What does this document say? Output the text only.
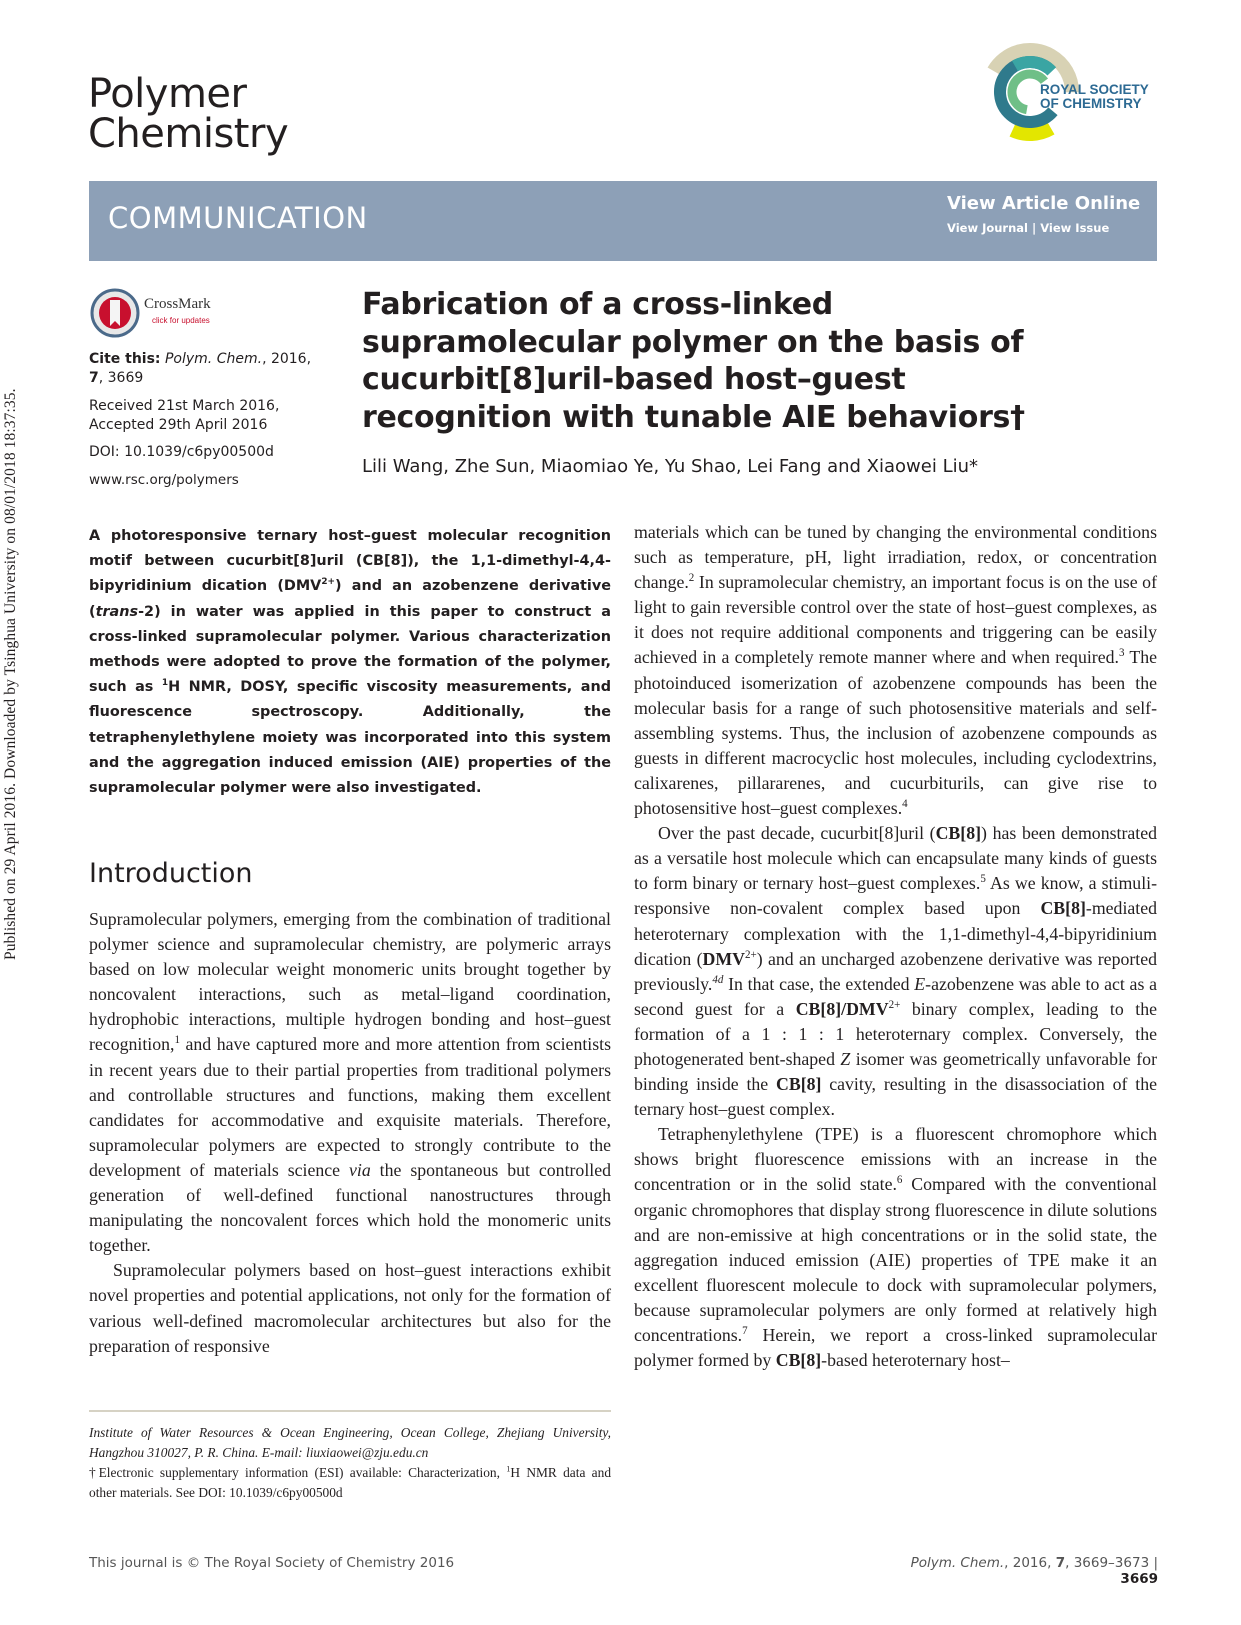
Published on 29 April 2016. Downloaded by Tsinghua University on 08/01/2018 18:37:35.
Polymer
Chemistry
ROYAL SOCIETY
OF CHEMISTRY
COMMUNICATION	View Article Online
View Journal | View Issue
CrossMark
click for updates
Cite this: Polym. Chem., 2016, 7, 3669
Received 21st March 2016,
Accepted 29th April 2016
DOI: 10.1039/c6py00500d
www.rsc.org/polymers
Fabrication of a cross-linked supramolecular polymer on the basis of cucurbit[8]uril-based host–guest recognition with tunable AIE behaviors†
Lili Wang, Zhe Sun, Miaomiao Ye, Yu Shao, Lei Fang and Xiaowei Liu*
A photoresponsive ternary host–guest molecular recognition motif between cucurbit[8]uril (CB[8]), the 1,1-dimethyl-4,4-bipyridinium dication $(DMV^{2+})$ and an azobenzene derivative (trans-2) in water was applied in this paper to construct a cross-linked supramolecular polymer. Various characterization methods were adopted to prove the formation of the polymer, such as $^1$H NMR, DOSY, specific viscosity measurements, and fluorescence spectroscopy. Additionally, the tetraphenylethylene moiety was incorporated into this system and the aggregation induced emission (AIE) properties of the supramolecular polymer were also investigated.
Introduction

Supramolecular polymers, emerging from the combination of traditional polymer science and supramolecular chemistry, are polymeric arrays based on low molecular weight monomeric units brought together by noncovalent interactions, such as metal–ligand coordination, hydrophobic interactions, multiple hydrogen bonding and host–guest recognition,$^1$ and have captured more and more attention from scientists in recent years due to their partial properties from traditional polymers and controllable structures and functions, making them excellent candidates for accommodative and exquisite materials. Therefore, supramolecular polymers are expected to strongly contribute to the development of materials science via the spontaneous but controlled generation of well-defined functional nanostructures through manipulating the noncovalent forces which hold the monomeric units together.

Supramolecular polymers based on host–guest interactions exhibit novel properties and potential applications, not only for the formation of various well-defined macromolecular architectures but also for the preparation of responsive

Institute of Water Resources & Ocean Engineering, Ocean College, Zhejiang University, Hangzhou 310027, P. R. China. E-mail: liuxiaowei@zju.edu.cn
†Electronic supplementary information (ESI) available: Characterization, $^1$H NMR data and other materials. See DOI: 10.1039/c6py00500d

materials which can be tuned by changing the environmental conditions such as temperature, pH, light irradiation, redox, or concentration change.$^2$ In supramolecular chemistry, an important focus is on the use of light to gain reversible control over the state of host–guest complexes, as it does not require additional components and triggering can be easily achieved in a completely remote manner where and when required.$^3$ The photoinduced isomerization of azobenzene compounds has been the molecular basis for a range of such photosensitive materials and self-assembling systems. Thus, the inclusion of azobenzene compounds as guests in different macrocyclic host molecules, including cyclodextrins, calixarenes, pillararenes, and cucurbiturils, can give rise to photosensitive host–guest complexes.$^4$

Over the past decade, cucurbit[8]uril (CB[8]) has been demonstrated as a versatile host molecule which can encapsulate many kinds of guests to form binary or ternary host–guest complexes.$^5$ As we know, a stimuli-responsive non-covalent complex based upon CB[8]-mediated heteroternary complexation with the 1,1-dimethyl-4,4-bipyridinium dication $(DMV^{2+})$ and an uncharged azobenzene derivative was reported previously.$^{4d}$ In that case, the extended E-azobenzene was able to act as a second guest for a $CB[8]/DMV^{2+}$ binary complex, leading to the formation of a 1 : 1 : 1 heteroternary complex. Conversely, the photogenerated bent-shaped Z isomer was geometrically unfavorable for binding inside the CB[8] cavity, resulting in the disassociation of the ternary host–guest complex.

Tetraphenylethylene (TPE) is a fluorescent chromophore which shows bright fluorescence emissions with an increase in the concentration or in the solid state.$^6$ Compared with the conventional organic chromophores that display strong fluorescence in dilute solutions and are non-emissive at high concentrations or in the solid state, the aggregation induced emission (AIE) properties of TPE make it an excellent fluorescent molecule to dock with supramolecular polymers, because supramolecular polymers are only formed at relatively high concentrations.$^7$ Herein, we report a cross-linked supramolecular polymer formed by CB[8]-based heteroternary host–

This journal is © The Royal Society of Chemistry 2016	Polym. Chem., 2016, 7, 3669–3673 | 3669
